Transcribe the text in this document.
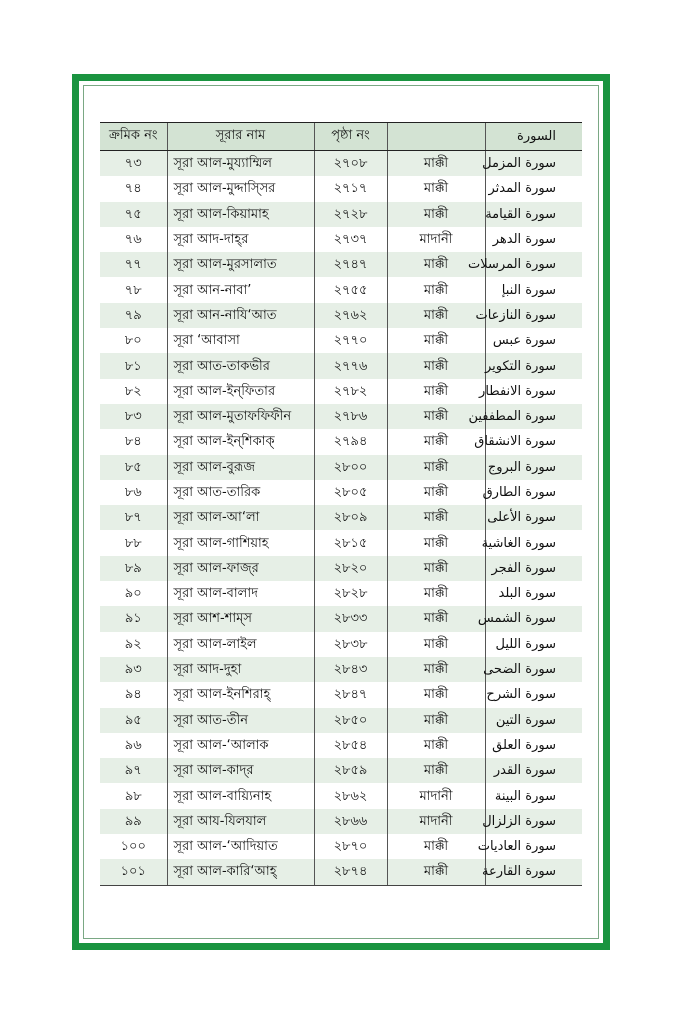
ক্রমিক নং	সূরার নাম	পৃষ্ঠা নং		السورة
৭৩	সূরা আল-মুয্যাম্মিল	২৭০৮	মাক্কী	سورة المزمل
৭৪	সূরা আল-মুদ্দাস্সির	২৭১৭	মাক্কী	سورة المدثر
৭৫	সূরা আল-কিয়ামাহ	২৭২৮	মাক্কী	سورة القيامة
৭৬	সূরা আদ-দাহ্‌র	২৭৩৭	মাদানী	سورة الدهر
৭৭	সূরা আল-মুরসালাত	২৭৪৭	মাক্কী	سورة المرسلات
৭৮	সূরা আন-নাবা’	২৭৫৫	মাক্কী	سورة النبإ
৭৯	সূরা আন-নাযি‘আত	২৭৬২	মাক্কী	سورة النازعات
৮০	সূরা ‘আবাসা	২৭৭০	মাক্কী	سورة عبس
৮১	সূরা আত-তাকভীর	২৭৭৬	মাক্কী	سورة التكوير
৮২	সূরা আল-ইন্‌ফিতার	২৭৮২	মাক্কী	سورة الانفطار
৮৩	সূরা আল-মুতাফফিফীন	২৭৮৬	মাক্কী	سورة المطففين
৮৪	সূরা আল-ইন্‌শিকাক্	২৭৯৪	মাক্কী	سورة الانشقاق
৮৫	সূরা আল-বুরূজ	২৮০০	মাক্কী	سورة البروج
৮৬	সূরা আত-তারিক	২৮০৫	মাক্কী	سورة الطارق
৮৭	সূরা আল-আ‘লা	২৮০৯	মাক্কী	سورة الأعلى
৮৮	সূরা আল-গাশিয়াহ	২৮১৫	মাক্কী	سورة الغاشية
৮৯	সূরা আল-ফাজ্‌র	২৮২০	মাক্কী	سورة الفجر
৯০	সূরা আল-বালাদ	২৮২৮	মাক্কী	سورة البلد
৯১	সূরা আশ-শাম্‌স	২৮৩৩	মাক্কী	سورة الشمس
৯২	সূরা আল-লাইল	২৮৩৮	মাক্কী	سورة الليل
৯৩	সূরা আদ-দুহা	২৮৪৩	মাক্কী	سورة الضحى
৯৪	সূরা আল-ইনশিরাহ্	২৮৪৭	মাক্কী	سورة الشرح
৯৫	সূরা আত-তীন	২৮৫০	মাক্কী	سورة التين
৯৬	সূরা আল-‘আলাক	২৮৫৪	মাক্কী	سورة العلق
৯৭	সূরা আল-কাদ্‌র	২৮৫৯	মাক্কী	سورة القدر
৯৮	সূরা আল-বায়্যিনাহ	২৮৬২	মাদানী	سورة البينة
৯৯	সূরা আয-যিলযাল	২৮৬৬	মাদানী	سورة الزلزال
১০০	সূরা আল-‘আদিয়াত	২৮৭০	মাক্কী	سورة العاديات
১০১	সূরা আল-কারি‘আহ্	২৮৭৪	মাক্কী	سورة القارعة
